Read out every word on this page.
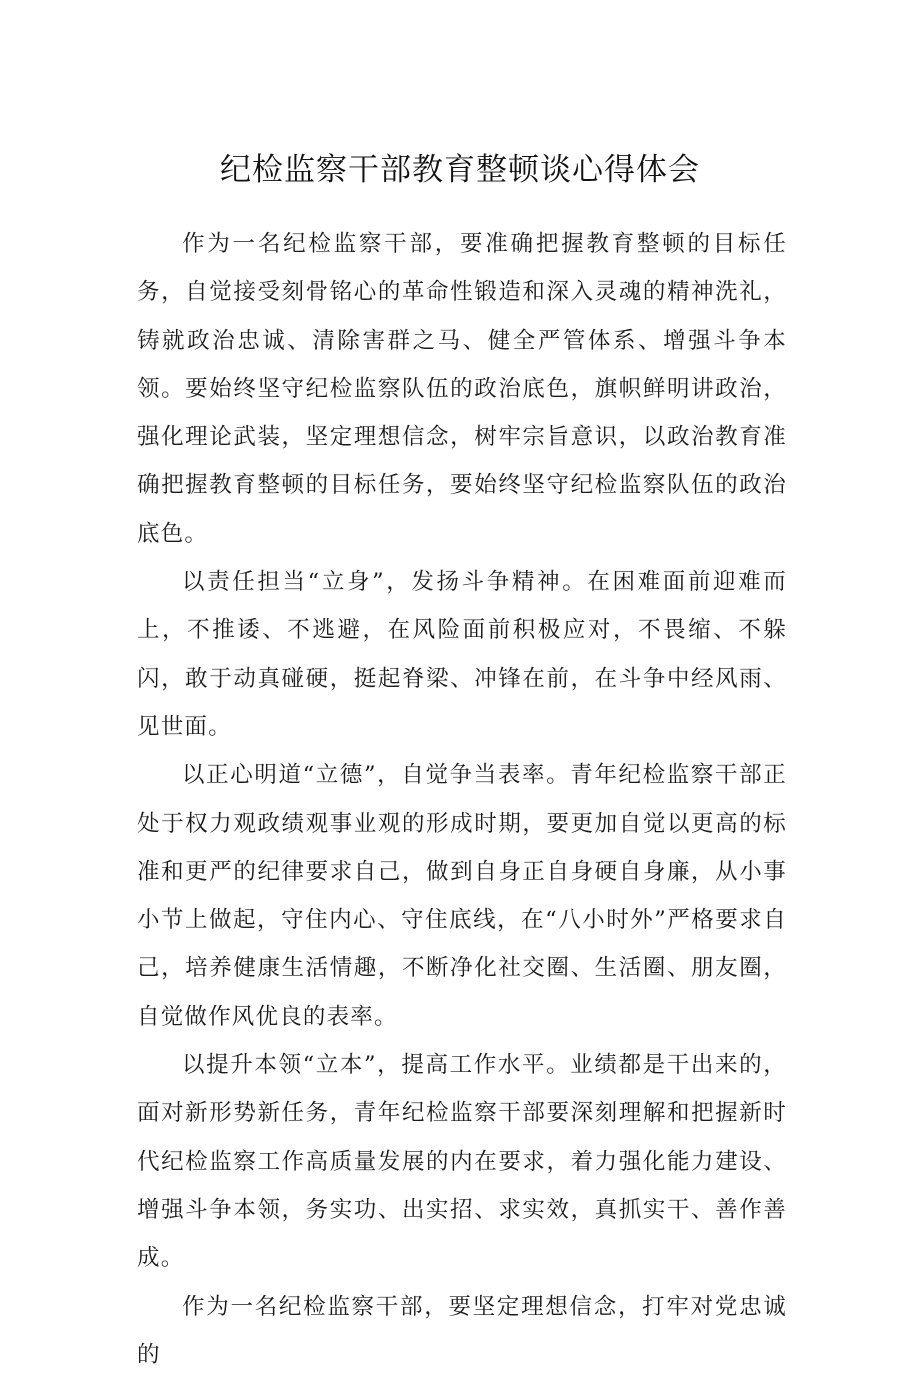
纪检监察干部教育整顿谈心得体会

作为一名纪检监察干部，要准确把握教育整顿的目标任务，自觉接受刻骨铭心的革命性锻造和深入灵魂的精神洗礼，铸就政治忠诚、清除害群之马、健全严管体系、增强斗争本领。要始终坚守纪检监察队伍的政治底色，旗帜鲜明讲政治，强化理论武装，坚定理想信念，树牢宗旨意识，以政治教育准确把握教育整顿的目标任务，要始终坚守纪检监察队伍的政治底色。

以责任担当“立身”，发扬斗争精神。在困难面前迎难而上，不推诿、不逃避，在风险面前积极应对，不畏缩、不躲闪，敢于动真碰硬，挺起脊梁、冲锋在前，在斗争中经风雨、见世面。

以正心明道“立德”，自觉争当表率。青年纪检监察干部正处于权力观政绩观事业观的形成时期，要更加自觉以更高的标准和更严的纪律要求自己，做到自身正自身硬自身廉，从小事小节上做起，守住内心、守住底线，在“八小时外”严格要求自己，培养健康生活情趣，不断净化社交圈、生活圈、朋友圈，自觉做作风优良的表率。

以提升本领“立本”，提高工作水平。业绩都是干出来的，面对新形势新任务，青年纪检监察干部要深刻理解和把握新时代纪检监察工作高质量发展的内在要求，着力强化能力建设、增强斗争本领，务实功、出实招、求实效，真抓实干、善作善成。

作为一名纪检监察干部，要坚定理想信念，打牢对党忠诚的
